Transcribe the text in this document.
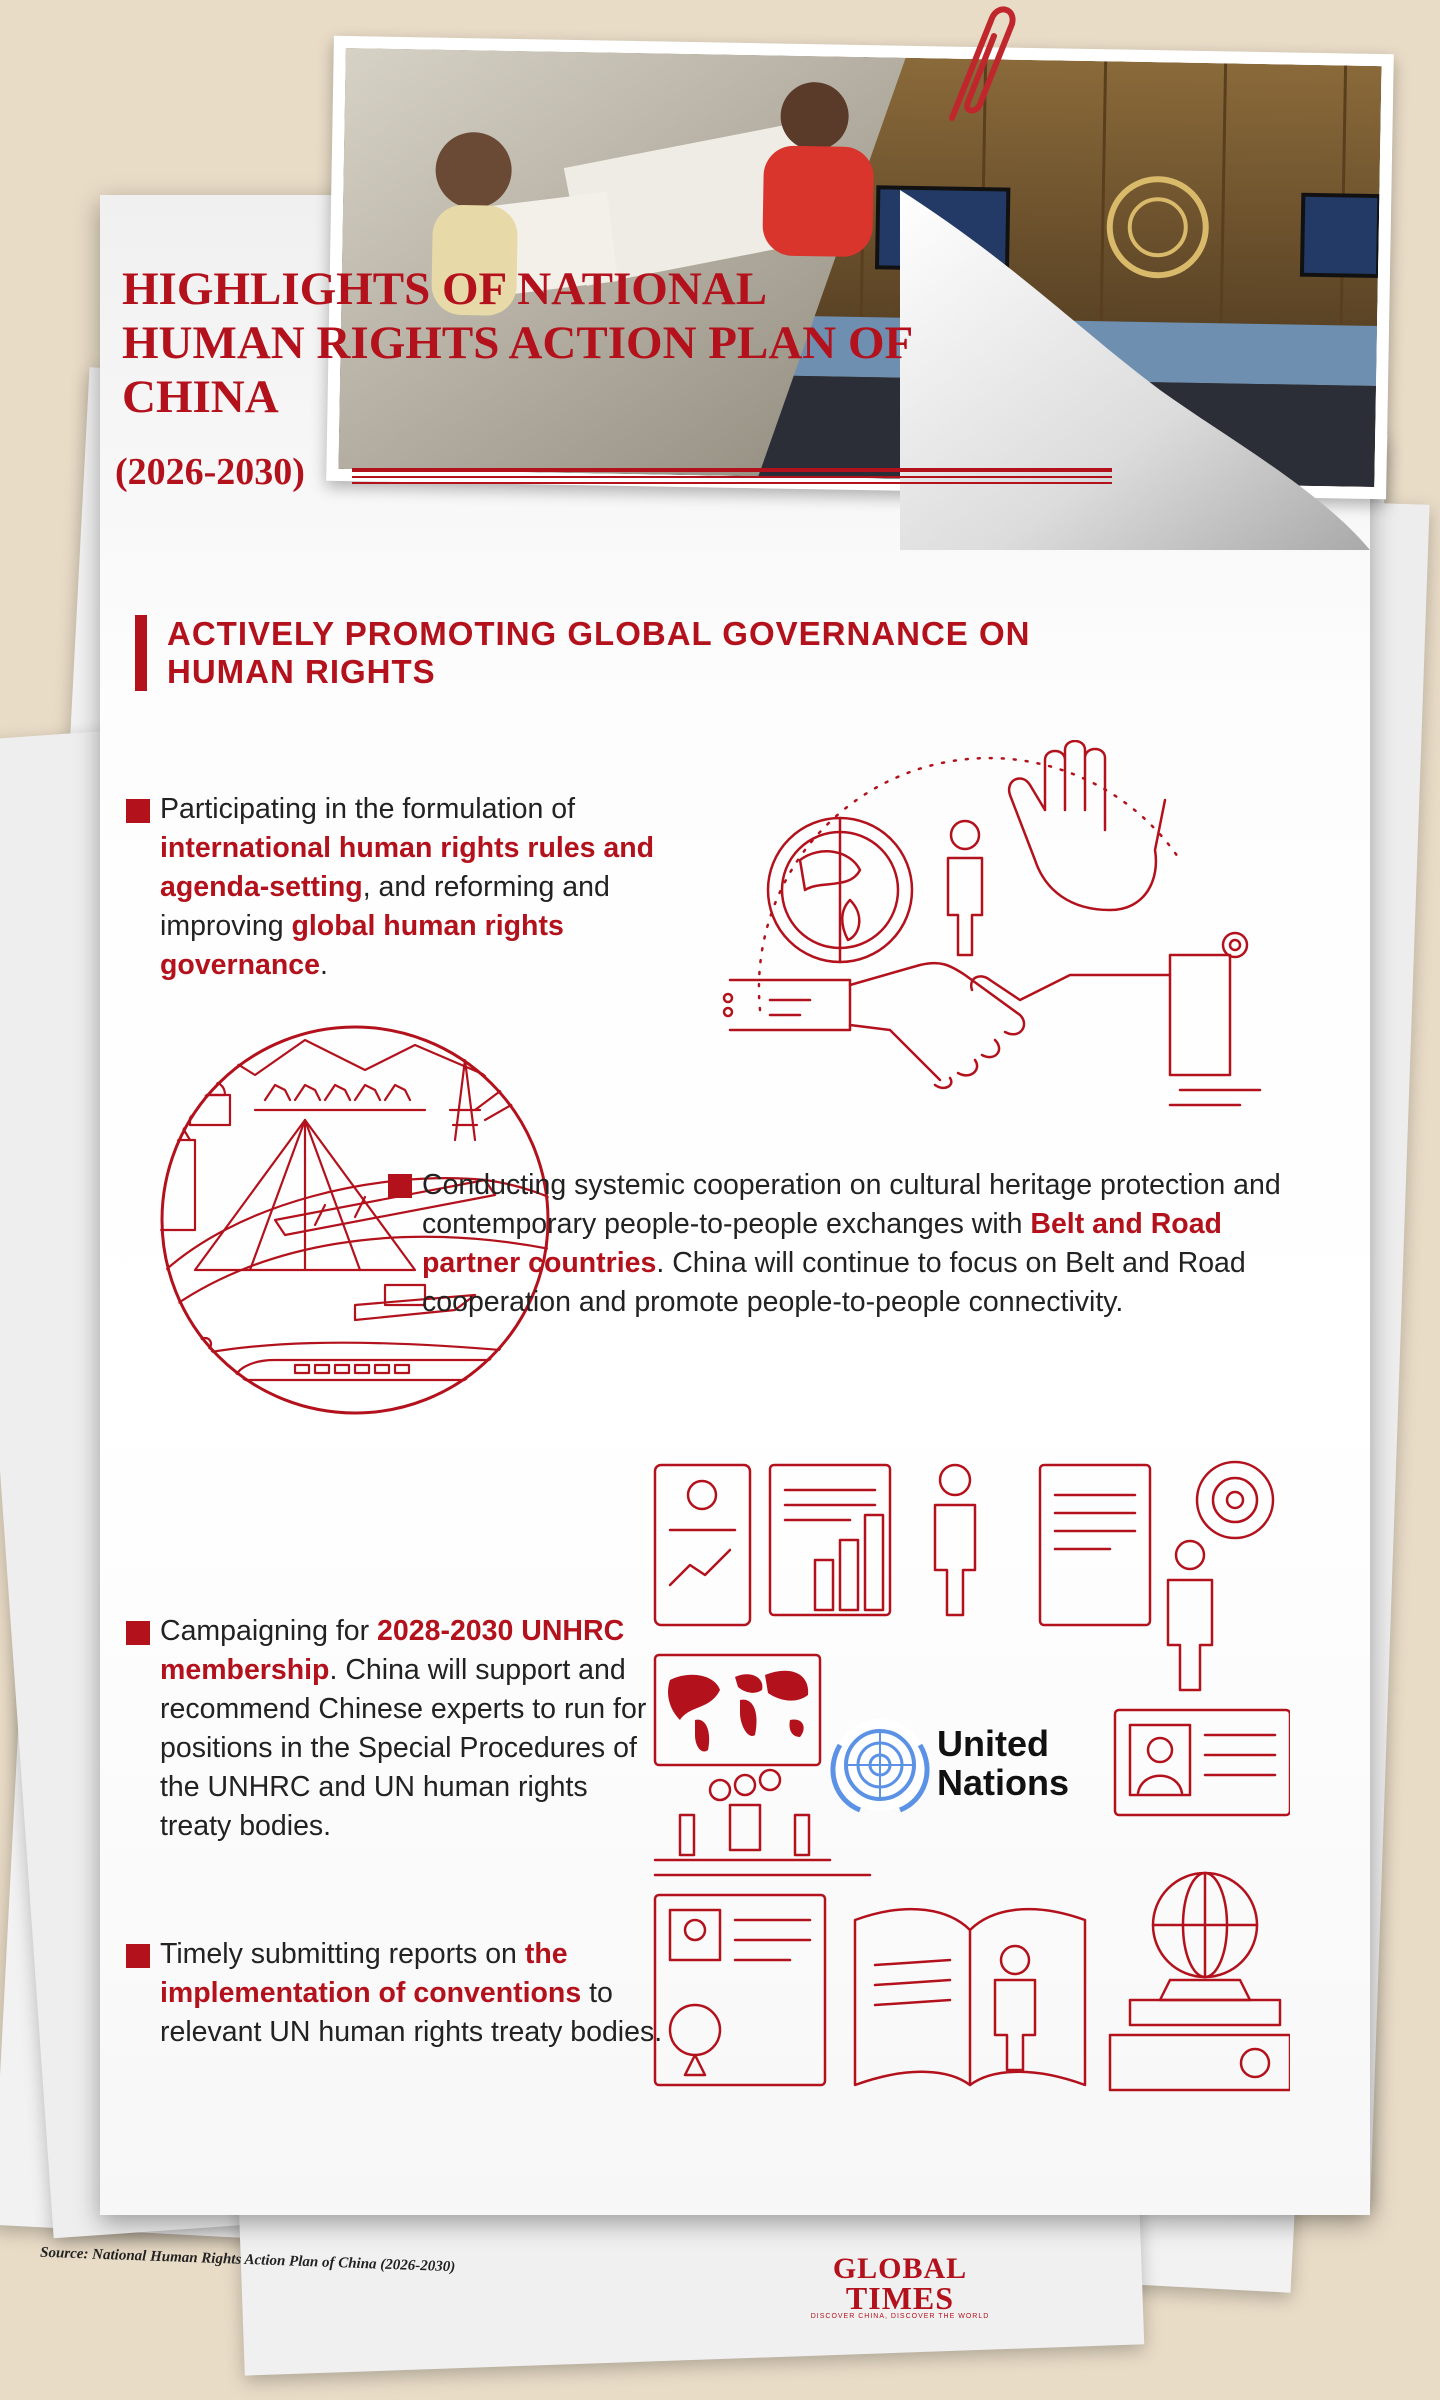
HIGHLIGHTS OF NATIONAL HUMAN RIGHTS ACTION PLAN OF CHINA

(2026-2030)

ACTIVELY PROMOTING GLOBAL GOVERNANCE ON HUMAN RIGHTS

Participating in the formulation of international human rights rules and agenda-setting, and reforming and improving global human rights governance.

Conducting systemic cooperation on cultural heritage protection and contemporary people-to-people exchanges with Belt and Road partner countries. China will continue to focus on Belt and Road cooperation and promote people-to-people connectivity.

United
Nations

Campaigning for 2028-2030 UNHRC membership. China will support and recommend Chinese experts to run for positions in the Special Procedures of the UNHRC and UN human rights treaty bodies.

Timely submitting reports on the implementation of conventions to relevant UN human rights treaty bodies.

Source: National Human Rights Action Plan of China (2026-2030)	GLOBAL
TIMES
DISCOVER CHINA, DISCOVER THE WORLD
